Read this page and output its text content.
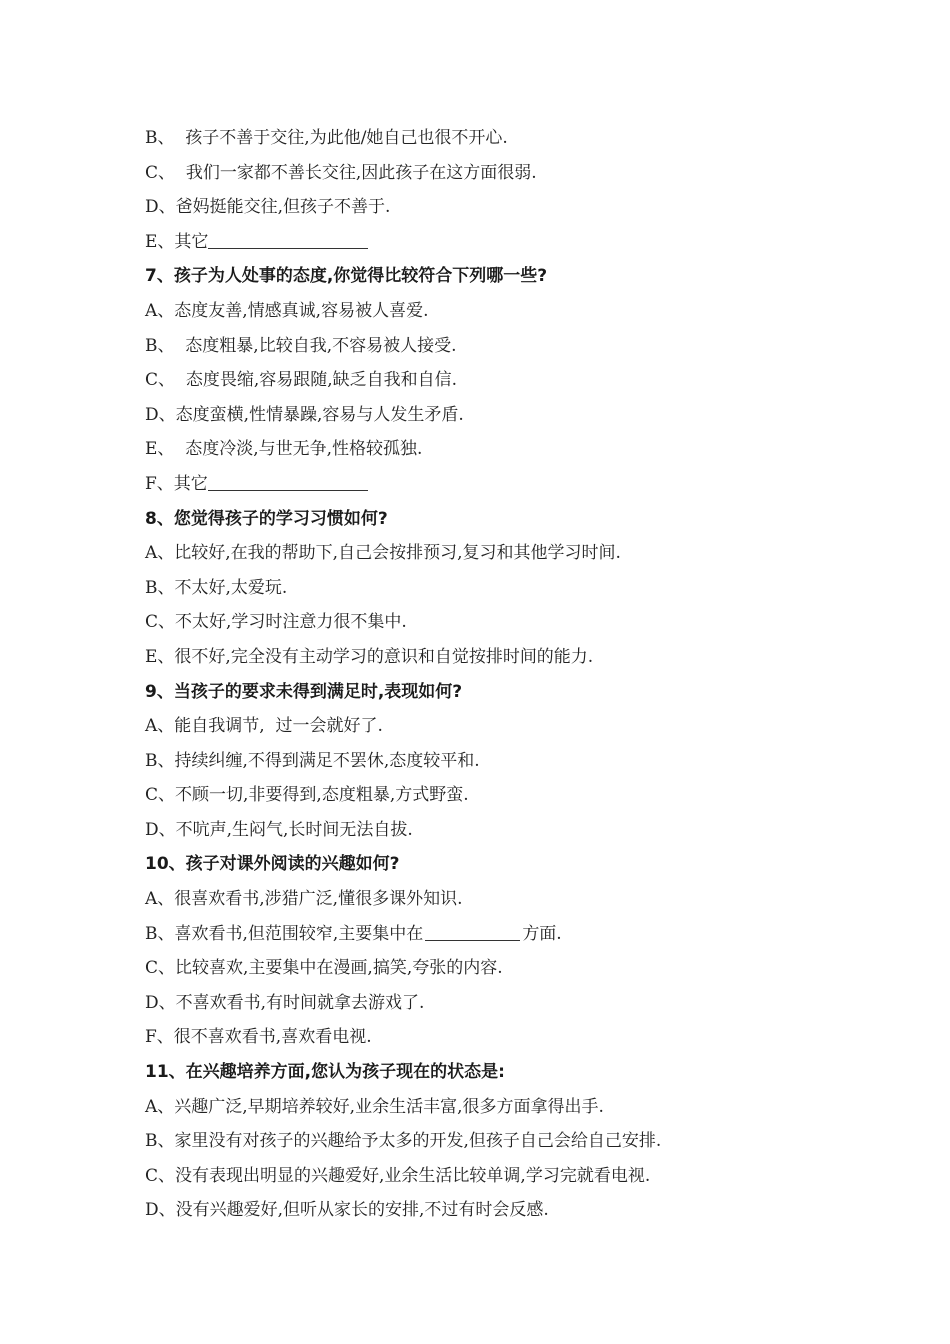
B、  孩子不善于交往,为此他/她自己也很不开心.
C、  我们一家都不善长交往,因此孩子在这方面很弱.
D、爸妈挺能交往,但孩子不善于.
E、其它
7、孩子为人处事的态度,你觉得比较符合下列哪一些?
A、态度友善,情感真诚,容易被人喜爱.
B、  态度粗暴,比较自我,不容易被人接受.
C、  态度畏缩,容易跟随,缺乏自我和自信.
D、态度蛮横,性情暴躁,容易与人发生矛盾.
E、  态度冷淡,与世无争,性格较孤独.
F、其它
8、您觉得孩子的学习习惯如何?
A、比较好,在我的帮助下,自己会按排预习,复习和其他学习时间.
B、不太好,太爱玩.
C、不太好,学习时注意力很不集中.
E、很不好,完全没有主动学习的意识和自觉按排时间的能力.
9、当孩子的要求未得到满足时,表现如何?
A、能自我调节,  过一会就好了.
B、持续纠缠,不得到满足不罢休,态度较平和.
C、不顾一切,非要得到,态度粗暴,方式野蛮.
D、不吭声,生闷气,长时间无法自拔.
10、孩子对课外阅读的兴趣如何?
A、很喜欢看书,涉猎广泛,懂很多课外知识.
B、喜欢看书,但范围较窄,主要集中在	方面.
C、比较喜欢,主要集中在漫画,搞笑,夸张的内容.
D、不喜欢看书,有时间就拿去游戏了.
F、很不喜欢看书,喜欢看电视.
11、在兴趣培养方面,您认为孩子现在的状态是:
A、兴趣广泛,早期培养较好,业余生活丰富,很多方面拿得出手.
B、家里没有对孩子的兴趣给予太多的开发,但孩子自己会给自己安排.
C、没有表现出明显的兴趣爱好,业余生活比较单调,学习完就看电视.
D、没有兴趣爱好,但听从家长的安排,不过有时会反感.
